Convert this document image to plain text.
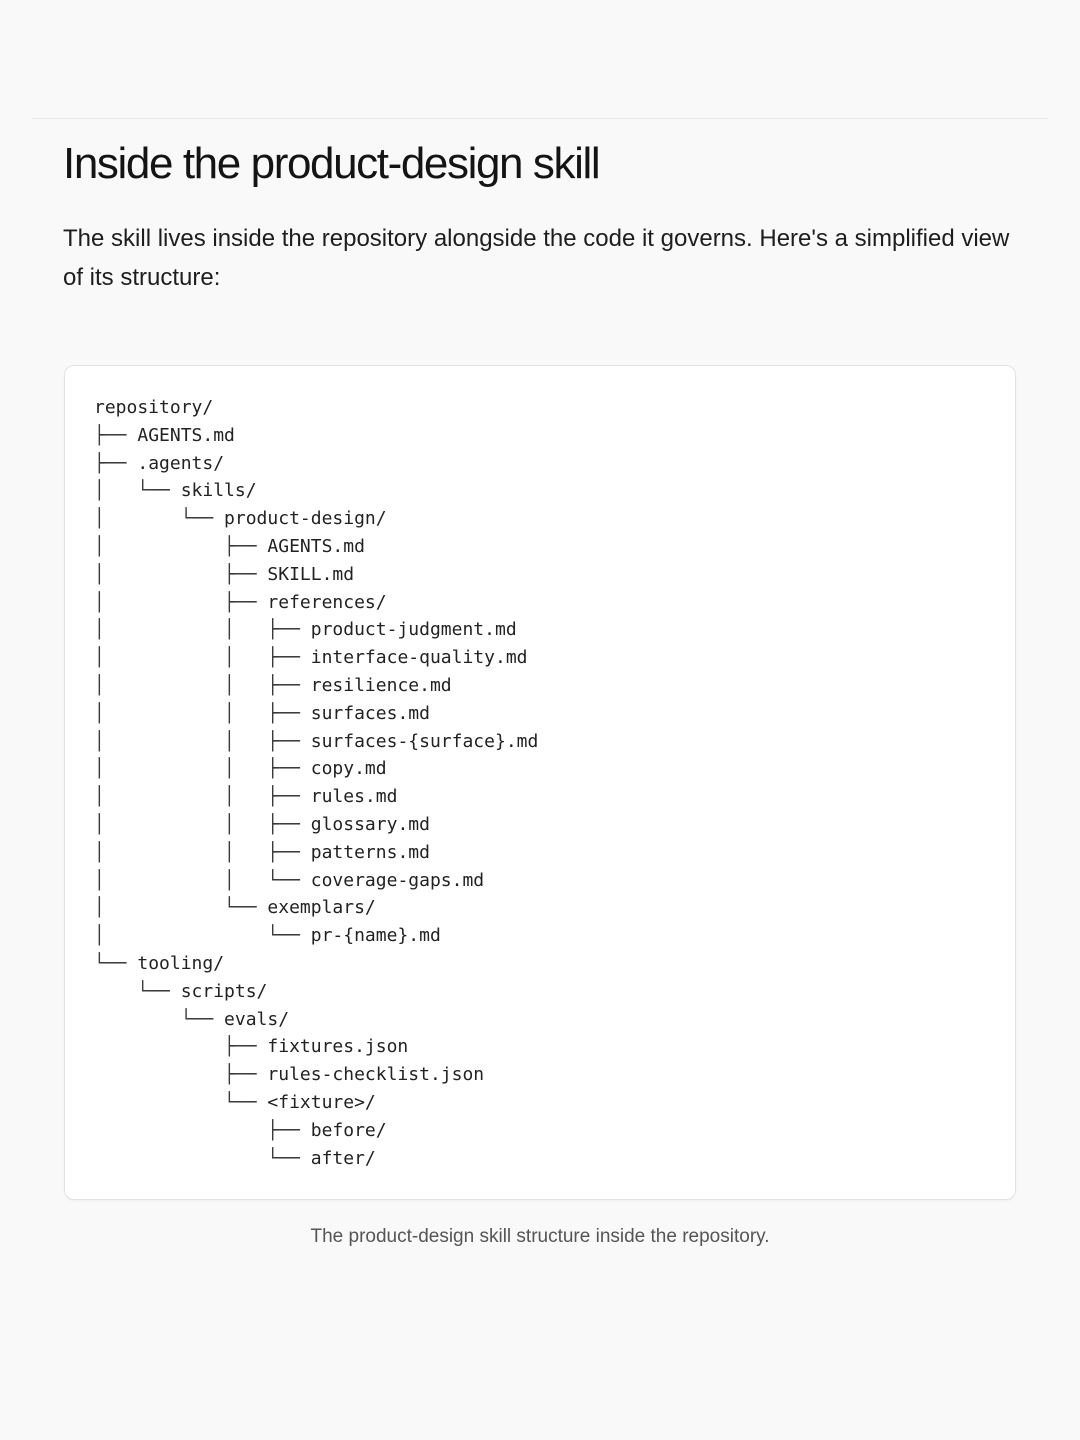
Inside the product-design skill

The skill lives inside the repository alongside the code it governs. Here's a simplified view of its structure:

repository/
├── AGENTS.md
├── .agents/
│   └── skills/
│       └── product-design/
│           ├── AGENTS.md
│           ├── SKILL.md
│           ├── references/
│           │   ├── product-judgment.md
│           │   ├── interface-quality.md
│           │   ├── resilience.md
│           │   ├── surfaces.md
│           │   ├── surfaces-{surface}.md
│           │   ├── copy.md
│           │   ├── rules.md
│           │   ├── glossary.md
│           │   ├── patterns.md
│           │   └── coverage-gaps.md
│           └── exemplars/
│               └── pr-{name}.md
└── tooling/
└── scripts/
└── evals/
├── fixtures.json
├── rules-checklist.json
└── <fixture>/
├── before/
└── after/
The product-design skill structure inside the repository.
